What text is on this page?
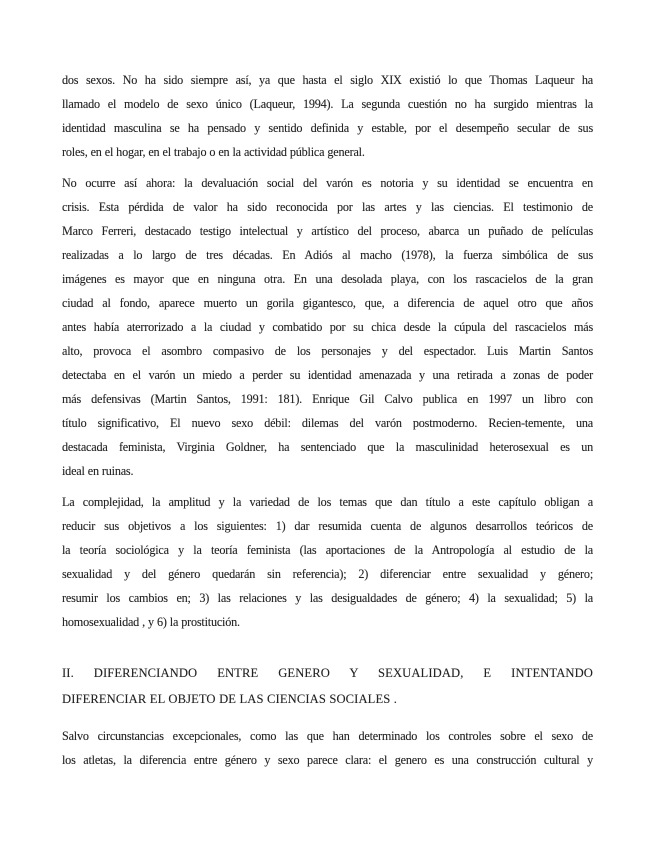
dos sexos. No ha sido siempre así, ya que hasta el siglo XIX existió lo que Thomas Laqueur ha
llamado el modelo de sexo único (Laqueur, 1994). La segunda cuestión no ha surgido mientras la
identidad masculina se ha pensado y sentido definida y estable, por el desempeño secular de sus
roles, en el hogar, en el trabajo o en la actividad pública general.

No ocurre así ahora: la devaluación social del varón es notoria y su identidad se encuentra en
crisis. Esta pérdida de valor ha sido reconocida por las artes y las ciencias. El testimonio de
Marco Ferreri, destacado testigo intelectual y artístico del proceso, abarca un puñado de películas
realizadas a lo largo de tres décadas. En Adiós al macho (1978), la fuerza simbólica de sus
imágenes es mayor que en ninguna otra. En una desolada playa, con los rascacielos de la gran
ciudad al fondo, aparece muerto un gorila gigantesco, que, a diferencia de aquel otro que años
antes había aterrorizado a la ciudad y combatido por su chica desde la cúpula del rascacielos más
alto, provoca el asombro compasivo de los personajes y del espectador. Luis Martin Santos
detectaba en el varón un miedo a perder su identidad amenazada y una retirada a zonas de poder
más defensivas (Martin Santos, 1991: 181). Enrique Gil Calvo publica en 1997 un libro con
título significativo, El nuevo sexo débil: dilemas del varón postmoderno. Recien-temente, una
destacada feminista, Virginia Goldner, ha sentenciado que la masculinidad heterosexual es un
ideal en ruinas.

La complejidad, la amplitud y la variedad de los temas que dan título a este capítulo obligan a
reducir sus objetivos a los siguientes: 1) dar resumida cuenta de algunos desarrollos teóricos de
la teoría sociológica y la teoría feminista (las aportaciones de la Antropología al estudio de la
sexualidad y del género quedarán sin referencia); 2) diferenciar entre sexualidad y género;
resumir los cambios en; 3) las relaciones y las desigualdades de género; 4) la sexualidad; 5) la
homosexualidad , y 6) la prostitución.

II. DIFERENCIANDO ENTRE GENERO Y SEXUALIDAD, E INTENTANDO
DIFERENCIAR EL OBJETO DE LAS CIENCIAS SOCIALES .

Salvo circunstancias excepcionales, como las que han determinado los controles sobre el sexo de
los atletas, la diferencia entre género y sexo parece clara: el genero es una construcción cultural y
